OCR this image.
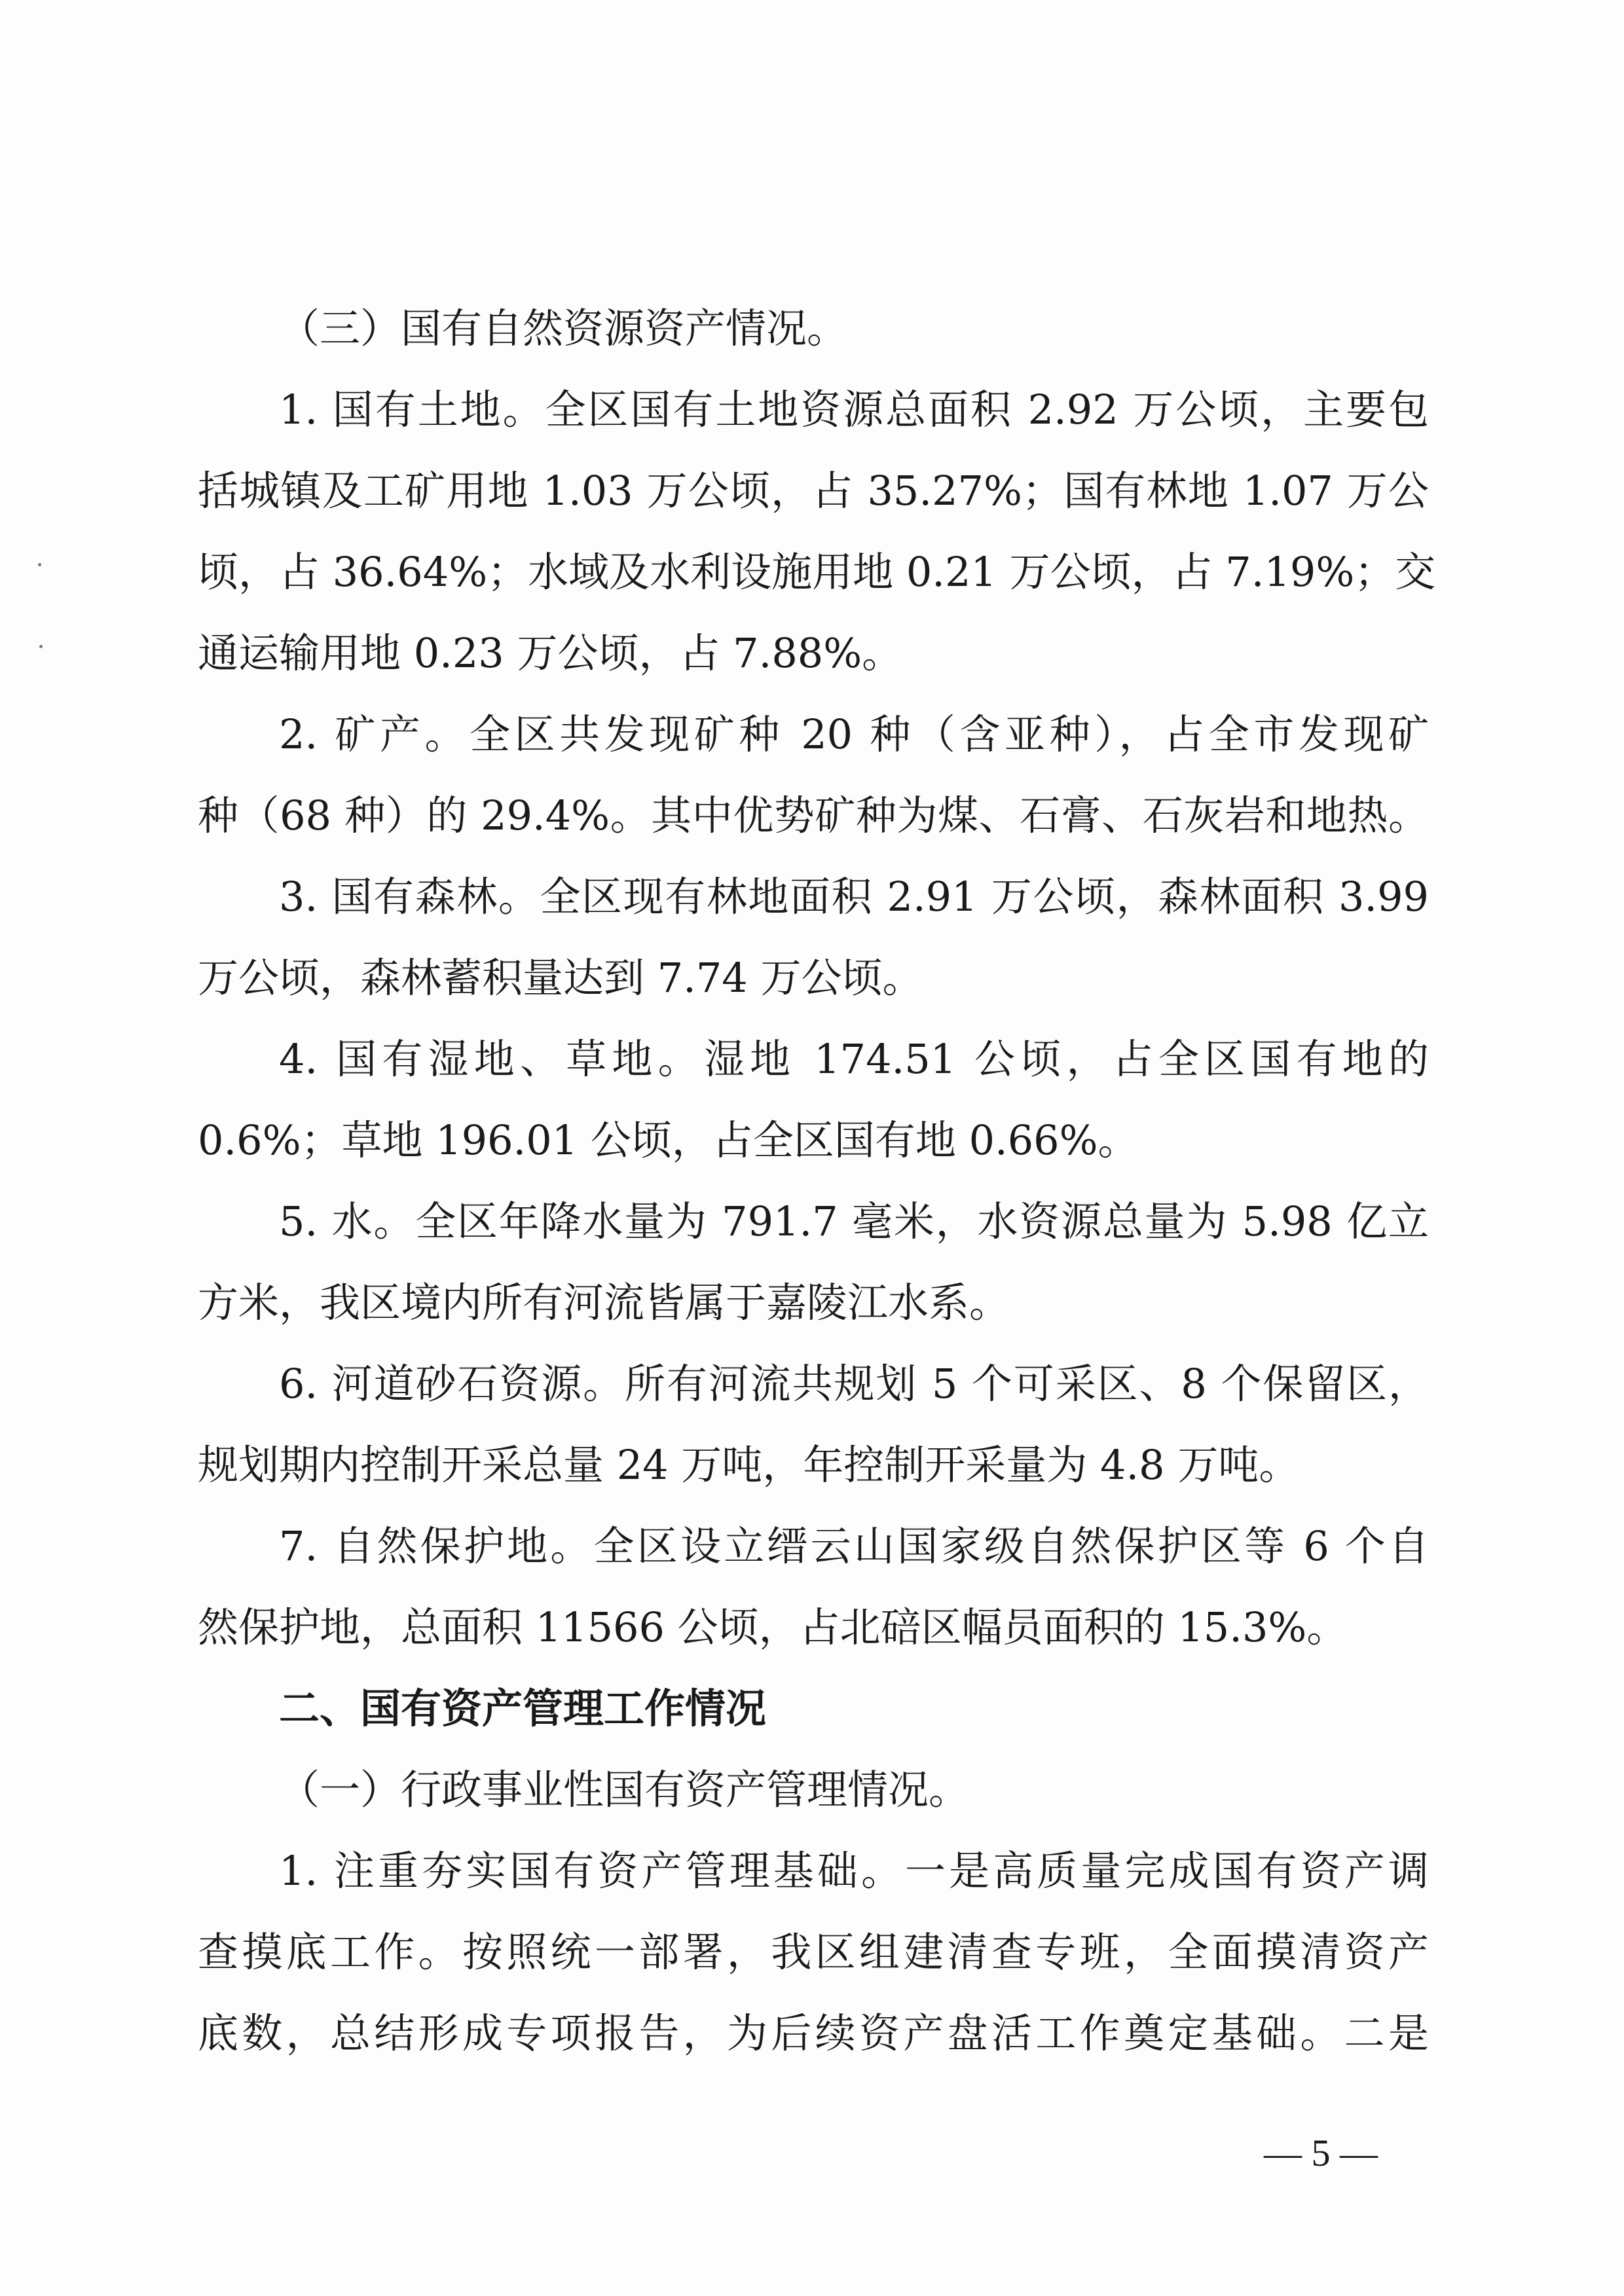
（三）国有自然资源资产情况。
1. 国有土地。全区国有土地资源总面积 2.92 万公顷，主要包
括城镇及工矿用地 1.03 万公顷，占 35.27%；国有林地 1.07 万公
顷，占 36.64%；水域及水利设施用地 0.21 万公顷，占 7.19%；交
通运输用地 0.23 万公顷，占 7.88%。
2. 矿产。全区共发现矿种 20 种（含亚种），占全市发现矿
种（68 种）的 29.4%。其中优势矿种为煤、石膏、石灰岩和地热。
3. 国有森林。全区现有林地面积 2.91 万公顷，森林面积 3.99
万公顷，森林蓄积量达到 7.74 万公顷。
4. 国有湿地、草地。湿地 174.51 公顷，占全区国有地的
0.6%；草地 196.01 公顷，占全区国有地 0.66%。
5. 水。全区年降水量为 791.7 毫米，水资源总量为 5.98 亿立
方米，我区境内所有河流皆属于嘉陵江水系。
6. 河道砂石资源。所有河流共规划 5 个可采区、8 个保留区，
规划期内控制开采总量 24 万吨，年控制开采量为 4.8 万吨。
7. 自然保护地。全区设立缙云山国家级自然保护区等 6 个自
然保护地，总面积 11566 公顷，占北碚区幅员面积的 15.3%。
二、国有资产管理工作情况
（一）行政事业性国有资产管理情况。
1. 注重夯实国有资产管理基础。一是高质量完成国有资产调
查摸底工作。按照统一部署，我区组建清查专班，全面摸清资产
底数，总结形成专项报告，为后续资产盘活工作奠定基础。二是
— 5 —
